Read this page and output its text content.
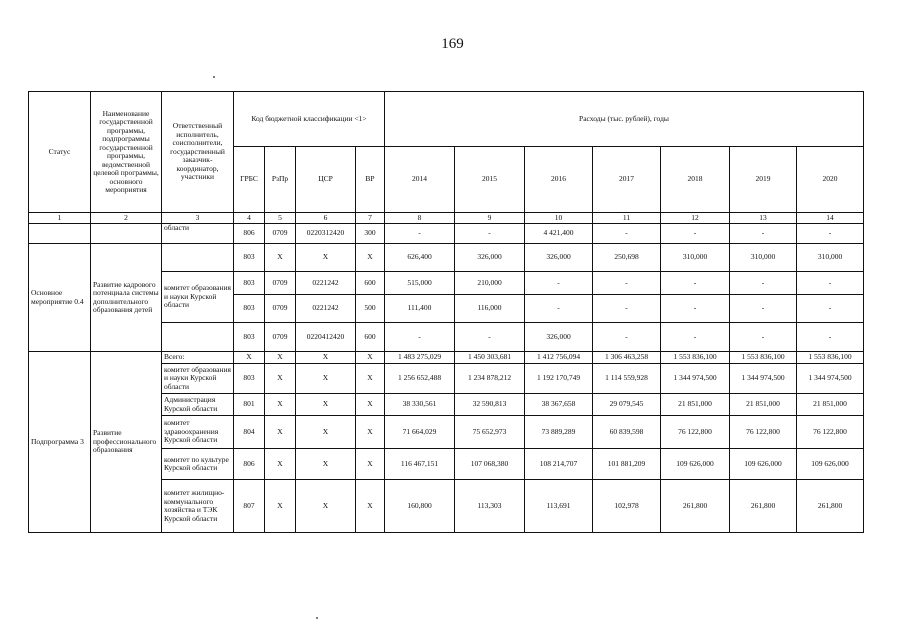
169
Статус	Наименование государственной программы, подпрограммы государственной программы, ведомственной целевой программы, основного мероприятия	Ответственный исполнитель, соисполнители, государственный заказчик-координатор, участники	Код бюджетной классификации <1>				Расходы (тыс. рублей), годы						
			ГРБС	РзПр	ЦСР	ВР	2014	2015	2016	2017	2018	2019	2020
1	2	3	4	5	6	7	8	9	10	11	12	13	14
		области	806	0709	0220312420	300	-	-	4 421,400	-	-	-	-
Основное мероприятие 0.4	Развитие кадрового потенциала системы дополнительного образования детей		803	Х	Х	Х	626,400	326,000	326,000	250,698	310,000	310,000	310,000
		комитет образования и науки Курской области	803	0709	0221242	600	515,000	210,000	-	-	-	-	-
			803	0709	0221242	500	111,400	116,000	-	-	-	-	-
			803	0709	0220412420	600	-	-	326,000	-	-	-	-
Подпрограмма 3	Развитие профессионального образования	Всего:	Х	Х	Х	Х	1 483 275,029	1 450 303,681	1 412 756,094	1 306 463,258	1 553 836,100	1 553 836,100	1 553 836,100
		комитет образования и науки Курской области	803	Х	Х	Х	1 256 652,488	1 234 878,212	1 192 170,749	1 114 559,928	1 344 974,500	1 344 974,500	1 344 974,500
		Администрация Курской области	801	Х	Х	Х	38 330,561	32 590,813	38 367,658	29 079,545	21 851,000	21 851,000	21 851,000
		комитет здравоохранения Курской области	804	Х	Х	Х	71 664,029	75 652,973	73 889,289	60 839,598	76 122,800	76 122,800	76 122,800
		комитет по культуре Курской области	806	Х	Х	Х	116 467,151	107 068,380	108 214,707	101 881,209	109 626,000	109 626,000	109 626,000
		комитет жилищно-коммунального хозяйства и ТЭК Курской области	807	Х	Х	Х	160,800	113,303	113,691	102,978	261,800	261,800	261,800
